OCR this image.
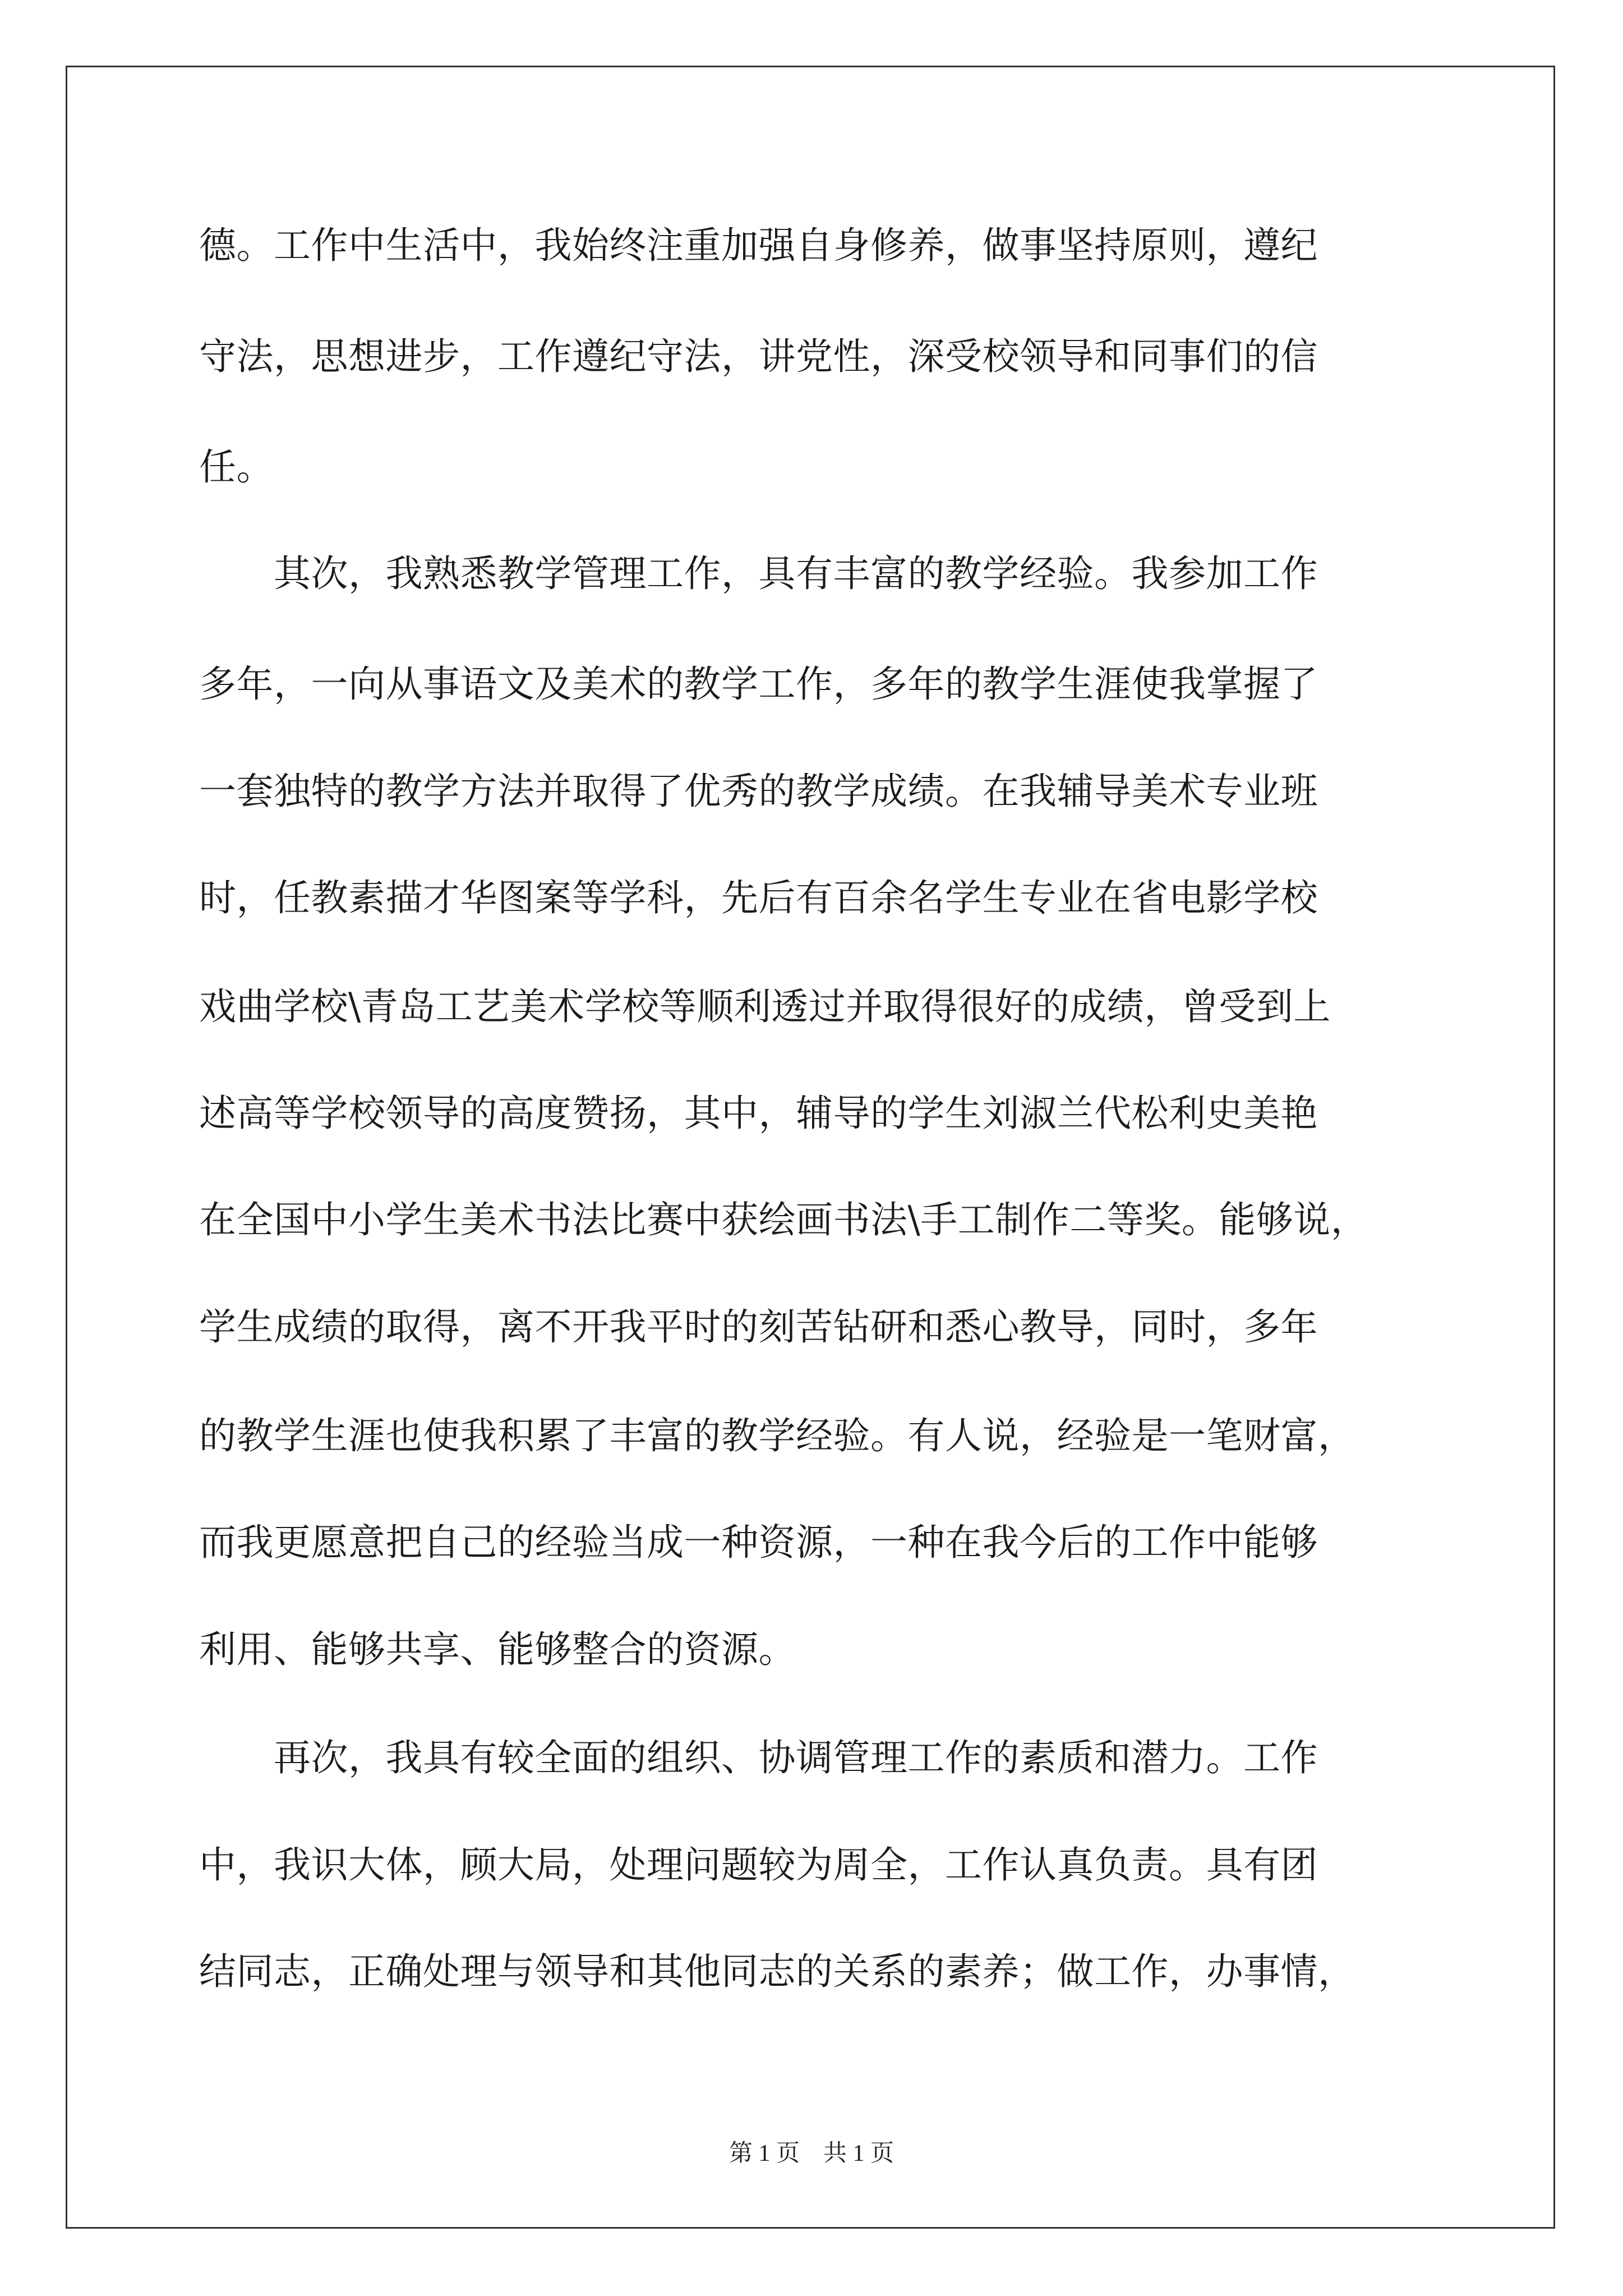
德。工作中生活中，我始终注重加强自身修养，做事坚持原则，遵纪
守法，思想进步，工作遵纪守法，讲党性，深受校领导和同事们的信
任。
　　其次，我熟悉教学管理工作，具有丰富的教学经验。我参加工作
多年，一向从事语文及美术的教学工作，多年的教学生涯使我掌握了
一套独特的教学方法并取得了优秀的教学成绩。在我辅导美术专业班
时，任教素描才华图案等学科，先后有百余名学生专业在省电影学校
戏曲学校\青岛工艺美术学校等顺利透过并取得很好的成绩，曾受到上
述高等学校领导的高度赞扬，其中，辅导的学生刘淑兰代松利史美艳
在全国中小学生美术书法比赛中获绘画书法\手工制作二等奖。能够说，
学生成绩的取得，离不开我平时的刻苦钻研和悉心教导，同时，多年
的教学生涯也使我积累了丰富的教学经验。有人说，经验是一笔财富，
而我更愿意把自己的经验当成一种资源，一种在我今后的工作中能够
利用、能够共享、能够整合的资源。
　　再次，我具有较全面的组织、协调管理工作的素质和潜力。工作
中，我识大体，顾大局，处理问题较为周全，工作认真负责。具有团
结同志，正确处理与领导和其他同志的关系的素养；做工作，办事情，
第 1 页　共 1 页
